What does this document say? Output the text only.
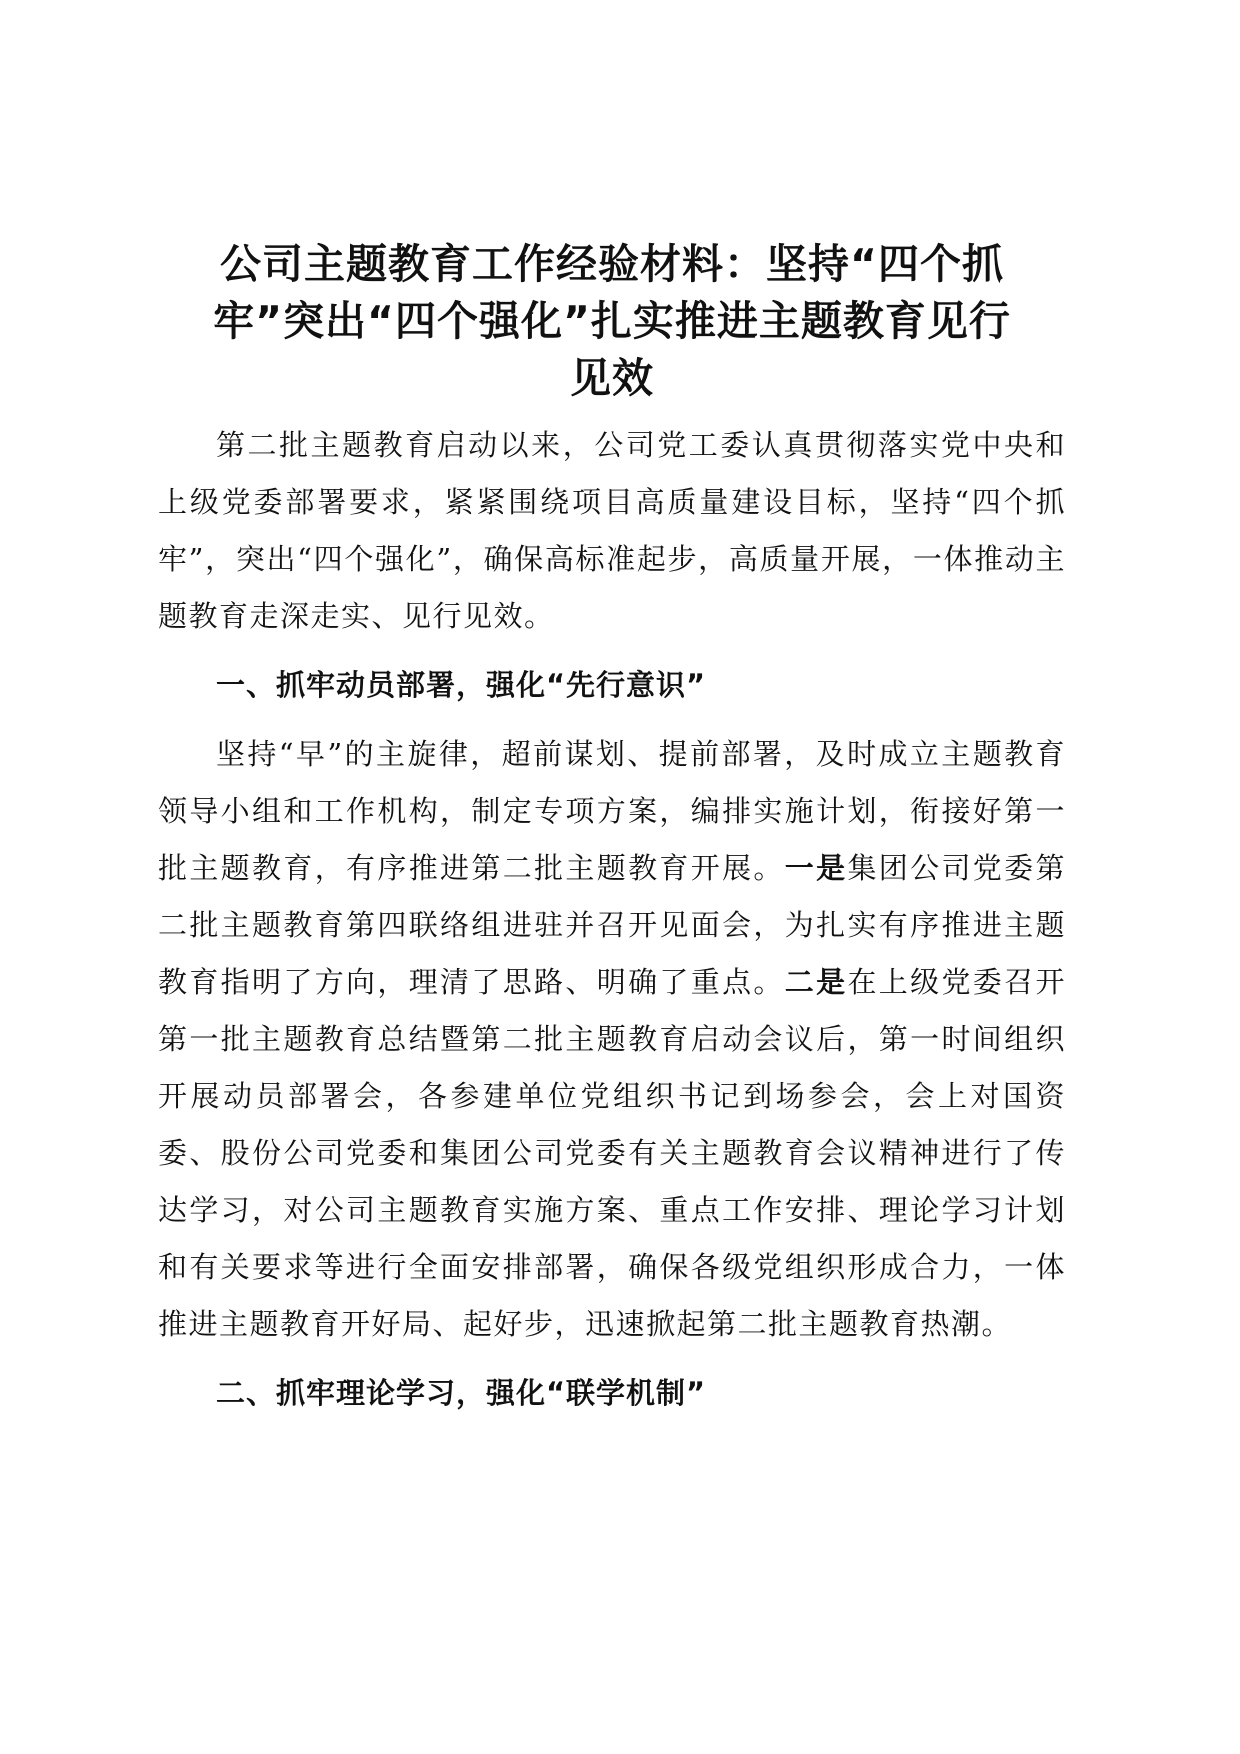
公司主题教育工作经验材料：坚持“四个抓
牢”突出“四个强化”扎实推进主题教育见行
见效

第二批主题教育启动以来，公司党工委认真贯彻落实党中央和上级党委部署要求，紧紧围绕项目高质量建设目标，坚持“四个抓牢”，突出“四个强化”，确保高标准起步，高质量开展，一体推动主题教育走深走实、见行见效。

一、抓牢动员部署，强化“先行意识”

坚持“早”的主旋律，超前谋划、提前部署，及时成立主题教育领导小组和工作机构，制定专项方案，编排实施计划，衔接好第一批主题教育，有序推进第二批主题教育开展。一是集团公司党委第二批主题教育第四联络组进驻并召开见面会，为扎实有序推进主题教育指明了方向，理清了思路、明确了重点。二是在上级党委召开第一批主题教育总结暨第二批主题教育启动会议后，第一时间组织开展动员部署会，各参建单位党组织书记到场参会，会上对国资委、股份公司党委和集团公司党委有关主题教育会议精神进行了传达学习，对公司主题教育实施方案、重点工作安排、理论学习计划和有关要求等进行全面安排部署，确保各级党组织形成合力，一体推进主题教育开好局、起好步，迅速掀起第二批主题教育热潮。

二、抓牢理论学习，强化“联学机制”
